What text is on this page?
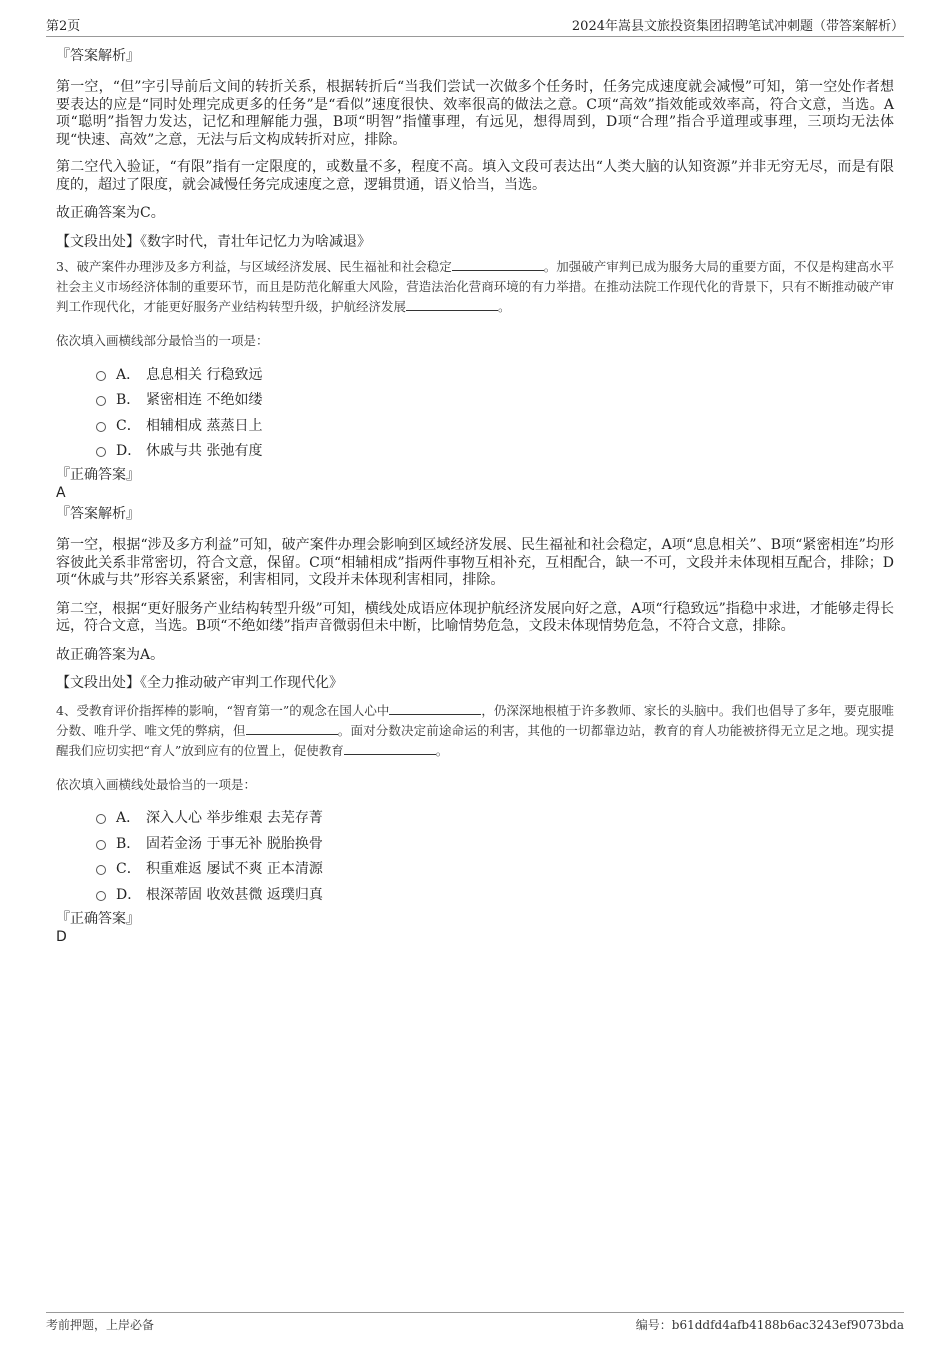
第2页	2024年嵩县文旅投资集团招聘笔试冲刺题（带答案解析）

『答案解析』

第一空，“但”字引导前后文间的转折关系，根据转折后“当我们尝试一次做多个任务时，任务完成速度就会减慢”可知，第一空处作者想要表达的应是“同时处理完成更多的任务”是“看似”速度很快、效率很高的做法之意。C项“高效”指效能或效率高，符合文意，当选。A项“聪明”指智力发达，记忆和理解能力强，B项“明智”指懂事理，有远见，想得周到，D项“合理”指合乎道理或事理，三项均无法体现“快速、高效”之意，无法与后文构成转折对应，排除。

第二空代入验证，“有限”指有一定限度的，或数量不多，程度不高。填入文段可表达出“人类大脑的认知资源”并非无穷无尽，而是有限度的，超过了限度，就会减慢任务完成速度之意，逻辑贯通，语义恰当，当选。

故正确答案为C。

【文段出处】《数字时代，青壮年记忆力为啥减退》

3、破产案件办理涉及多方利益，与区域经济发展、民生福祉和社会稳定	。加强破产审判已成为服务大局的重要方面，不仅是构建高水平社会主义市场经济体制的重要环节，而且是防范化解重大风险，营造法治化营商环境的有力举措。在推动法院工作现代化的背景下，只有不断推动破产审判工作现代化，才能更好服务产业结构转型升级，护航经济发展	。

依次填入画横线部分最恰当的一项是：

A． 息息相关 行稳致远
B． 紧密相连 不绝如缕
C． 相辅相成 蒸蒸日上
D． 休戚与共 张弛有度

『正确答案』

A

『答案解析』

第一空，根据“涉及多方利益”可知，破产案件办理会影响到区域经济发展、民生福祉和社会稳定，A项“息息相关”、B项“紧密相连”均形容彼此关系非常密切，符合文意，保留。C项“相辅相成”指两件事物互相补充，互相配合，缺一不可，文段并未体现相互配合，排除；D项“休戚与共”形容关系紧密，利害相同，文段并未体现利害相同，排除。

第二空，根据“更好服务产业结构转型升级”可知，横线处成语应体现护航经济发展向好之意，A项“行稳致远”指稳中求进，才能够走得长远，符合文意，当选。B项“不绝如缕”指声音微弱但未中断，比喻情势危急，文段未体现情势危急，不符合文意，排除。

故正确答案为A。

【文段出处】《全力推动破产审判工作现代化》

4、受教育评价指挥棒的影响，“智育第一”的观念在国人心中	，仍深深地根植于许多教师、家长的头脑中。我们也倡导了多年，要克服唯分数、唯升学、唯文凭的弊病，但	。面对分数决定前途命运的利害，其他的一切都靠边站，教育的育人功能被挤得无立足之地。现实提醒我们应切实把“育人”放到应有的位置上，促使教育	。

依次填入画横线处最恰当的一项是：

A． 深入人心 举步维艰 去芜存菁
B． 固若金汤 于事无补 脱胎换骨
C． 积重难返 屡试不爽 正本清源
D． 根深蒂固 收效甚微 返璞归真

『正确答案』

D

考前押题，上岸必备	编号：b61ddfd4afb4188b6ac3243ef9073bda
